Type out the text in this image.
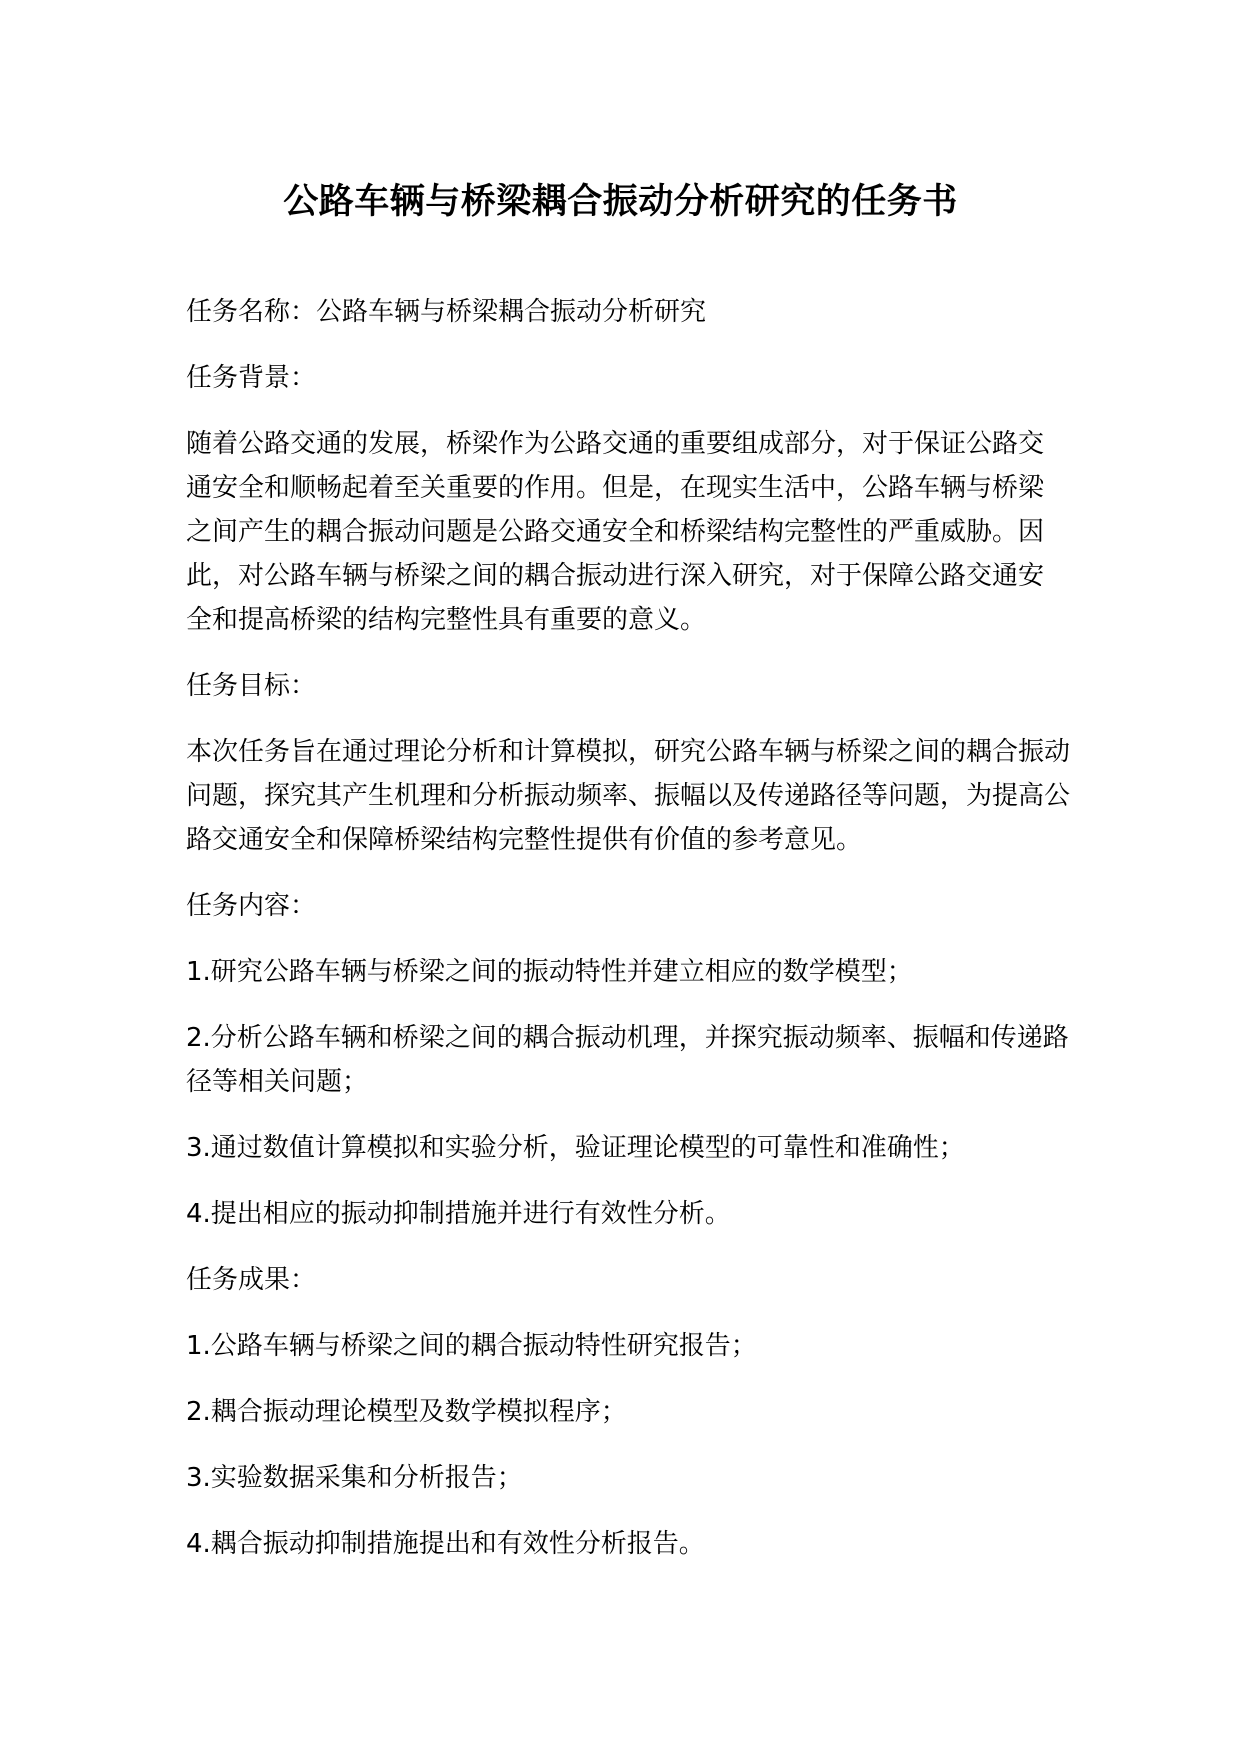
公路车辆与桥梁耦合振动分析研究的任务书

任务名称：公路车辆与桥梁耦合振动分析研究

任务背景：

随着公路交通的发展，桥梁作为公路交通的重要组成部分，对于保证公路交通安全和顺畅起着至关重要的作用。但是，在现实生活中，公路车辆与桥梁之间产生的耦合振动问题是公路交通安全和桥梁结构完整性的严重威胁。因此，对公路车辆与桥梁之间的耦合振动进行深入研究，对于保障公路交通安全和提高桥梁的结构完整性具有重要的意义。

任务目标：

本次任务旨在通过理论分析和计算模拟，研究公路车辆与桥梁之间的耦合振动问题，探究其产生机理和分析振动频率、振幅以及传递路径等问题，为提高公路交通安全和保障桥梁结构完整性提供有价值的参考意见。

任务内容：

1.研究公路车辆与桥梁之间的振动特性并建立相应的数学模型；

2.分析公路车辆和桥梁之间的耦合振动机理，并探究振动频率、振幅和传递路径等相关问题；

3.通过数值计算模拟和实验分析，验证理论模型的可靠性和准确性；

4.提出相应的振动抑制措施并进行有效性分析。

任务成果：

1.公路车辆与桥梁之间的耦合振动特性研究报告；

2.耦合振动理论模型及数学模拟程序；

3.实验数据采集和分析报告；

4.耦合振动抑制措施提出和有效性分析报告。
